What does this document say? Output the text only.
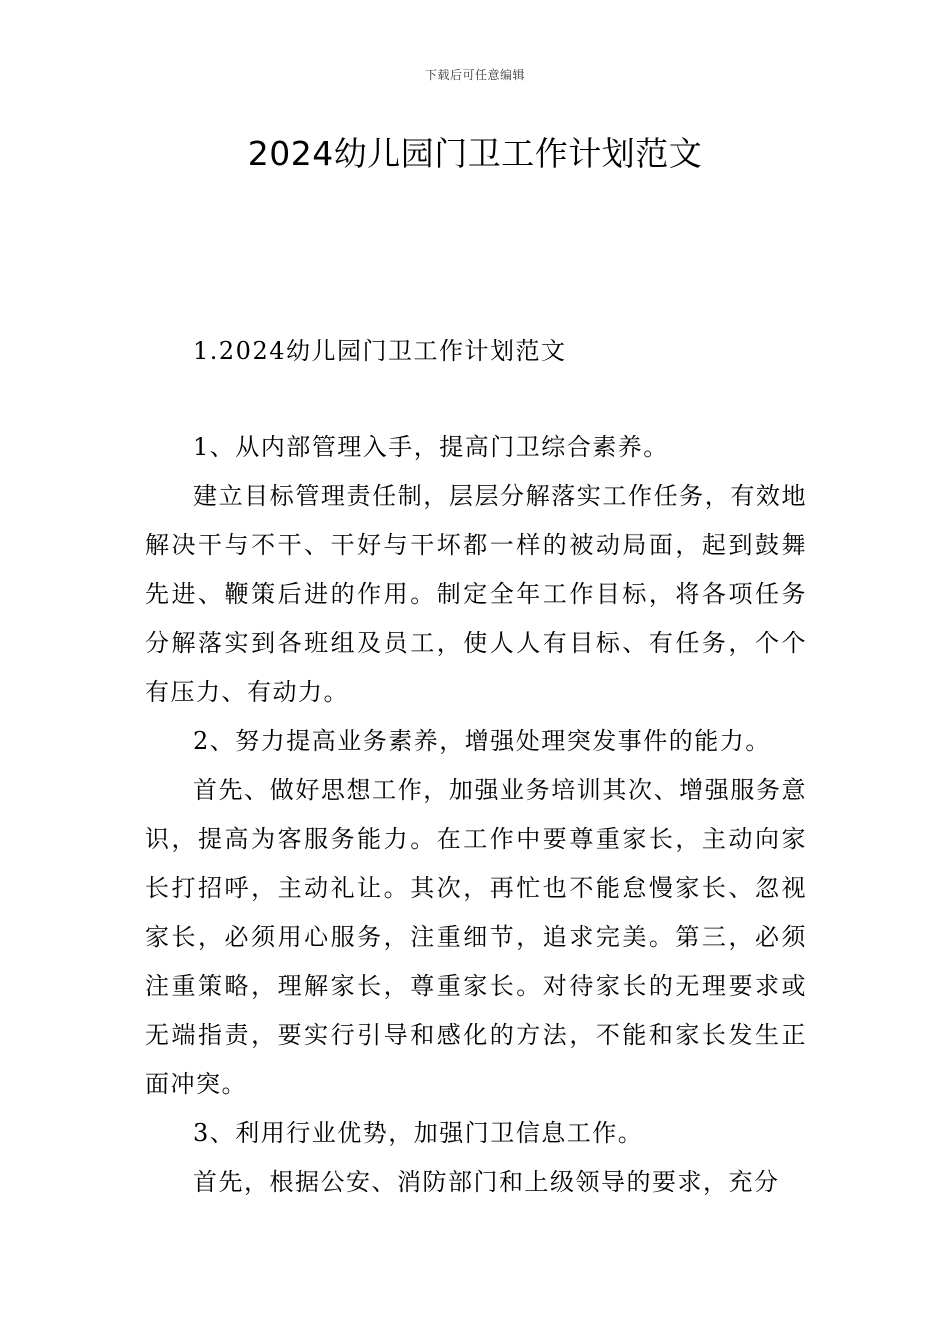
下载后可任意编辑
2024幼儿园门卫工作计划范文

1.2024幼儿园门卫工作计划范文

1、从内部管理入手，提高门卫综合素养。

建立目标管理责任制，层层分解落实工作任务，有效地解决干与不干、干好与干坏都一样的被动局面，起到鼓舞先进、鞭策后进的作用。制定全年工作目标，将各项任务分解落实到各班组及员工，使人人有目标、有任务，个个有压力、有动力。

2、努力提高业务素养，增强处理突发事件的能力。

首先、做好思想工作，加强业务培训其次、增强服务意识，提高为客服务能力。在工作中要尊重家长，主动向家长打招呼，主动礼让。其次，再忙也不能怠慢家长、忽视家长，必须用心服务，注重细节，追求完美。第三，必须注重策略，理解家长，尊重家长。对待家长的无理要求或无端指责，要实行引导和感化的方法，不能和家长发生正面冲突。

3、利用行业优势，加强门卫信息工作。

首先，根据公安、消防部门和上级领导的要求，充分
